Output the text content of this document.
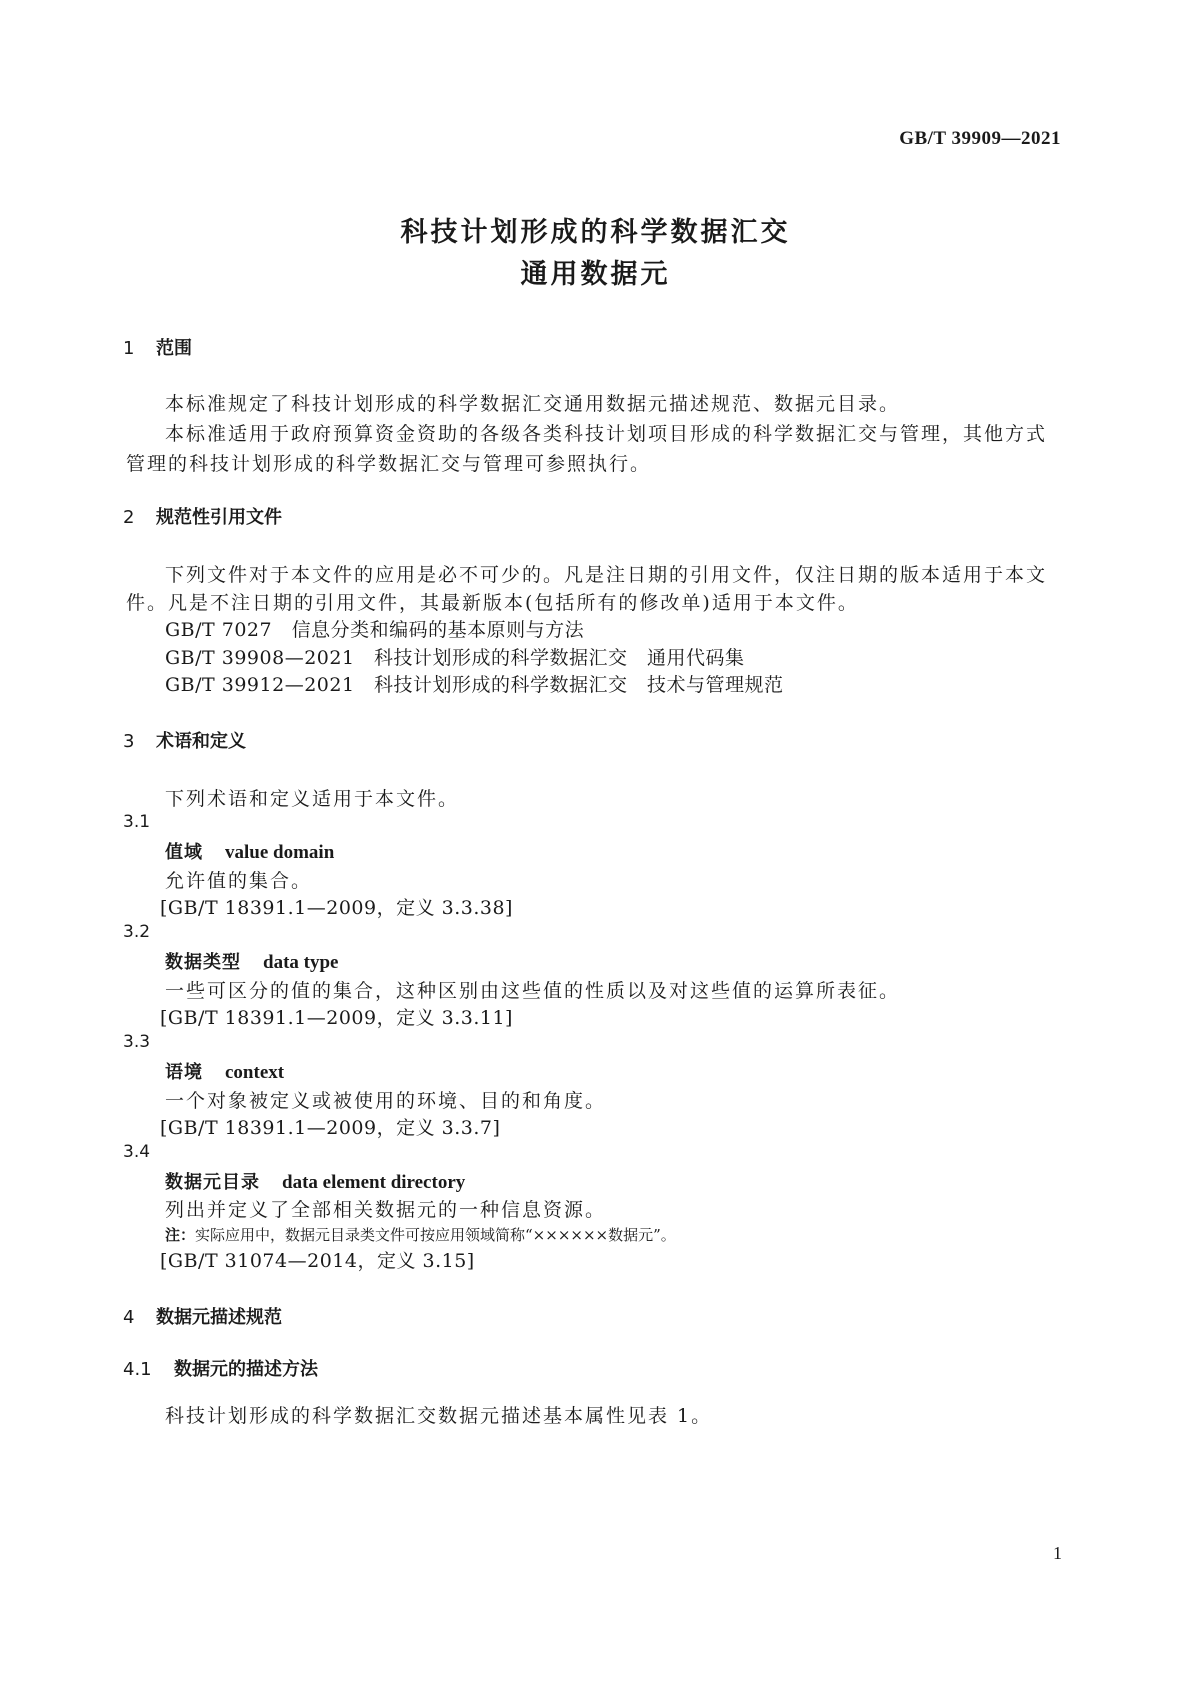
GB/T 39909—2021
科技计划形成的科学数据汇交
通用数据元
1 范围
本标准规定了科技计划形成的科学数据汇交通用数据元描述规范、数据元目录。
本标准适用于政府预算资金资助的各级各类科技计划项目形成的科学数据汇交与管理，其他方式
管理的科技计划形成的科学数据汇交与管理可参照执行。
2 规范性引用文件
下列文件对于本文件的应用是必不可少的。凡是注日期的引用文件，仅注日期的版本适用于本文
件。凡是不注日期的引用文件，其最新版本(包括所有的修改单)适用于本文件。
GB/T 7027　信息分类和编码的基本原则与方法
GB/T 39908—2021　科技计划形成的科学数据汇交　通用代码集
GB/T 39912—2021　科技计划形成的科学数据汇交　技术与管理规范
3 术语和定义
下列术语和定义适用于本文件。
3.1
值域 value domain
允许值的集合。
[GB/T 18391.1—2009，定义 3.3.38]
3.2
数据类型 data type
一些可区分的值的集合，这种区别由这些值的性质以及对这些值的运算所表征。
[GB/T 18391.1—2009，定义 3.3.11]
3.3
语境 context
一个对象被定义或被使用的环境、目的和角度。
[GB/T 18391.1—2009，定义 3.3.7]
3.4
数据元目录 data element directory
列出并定义了全部相关数据元的一种信息资源。
注：实际应用中，数据元目录类文件可按应用领域简称“××××××数据元”。
[GB/T 31074—2014，定义 3.15]
4 数据元描述规范
4.1 数据元的描述方法
科技计划形成的科学数据汇交数据元描述基本属性见表 1。
1
